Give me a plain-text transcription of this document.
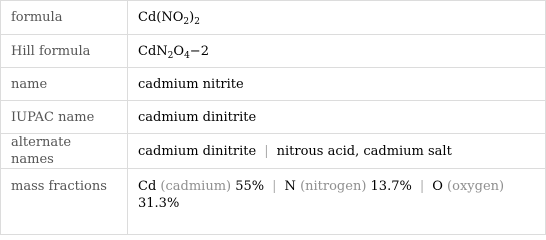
formula	$Cd(NO_2)_2$
Hill formula	$CdN_2O_4-2$
name	cadmium nitrite
IUPAC name	cadmium dinitrite
alternate names	cadmium dinitrite | nitrous acid, cadmium salt
mass fractions	Cd (cadmium) 55% | N (nitrogen) 13.7% | O (oxygen) 31.3%
